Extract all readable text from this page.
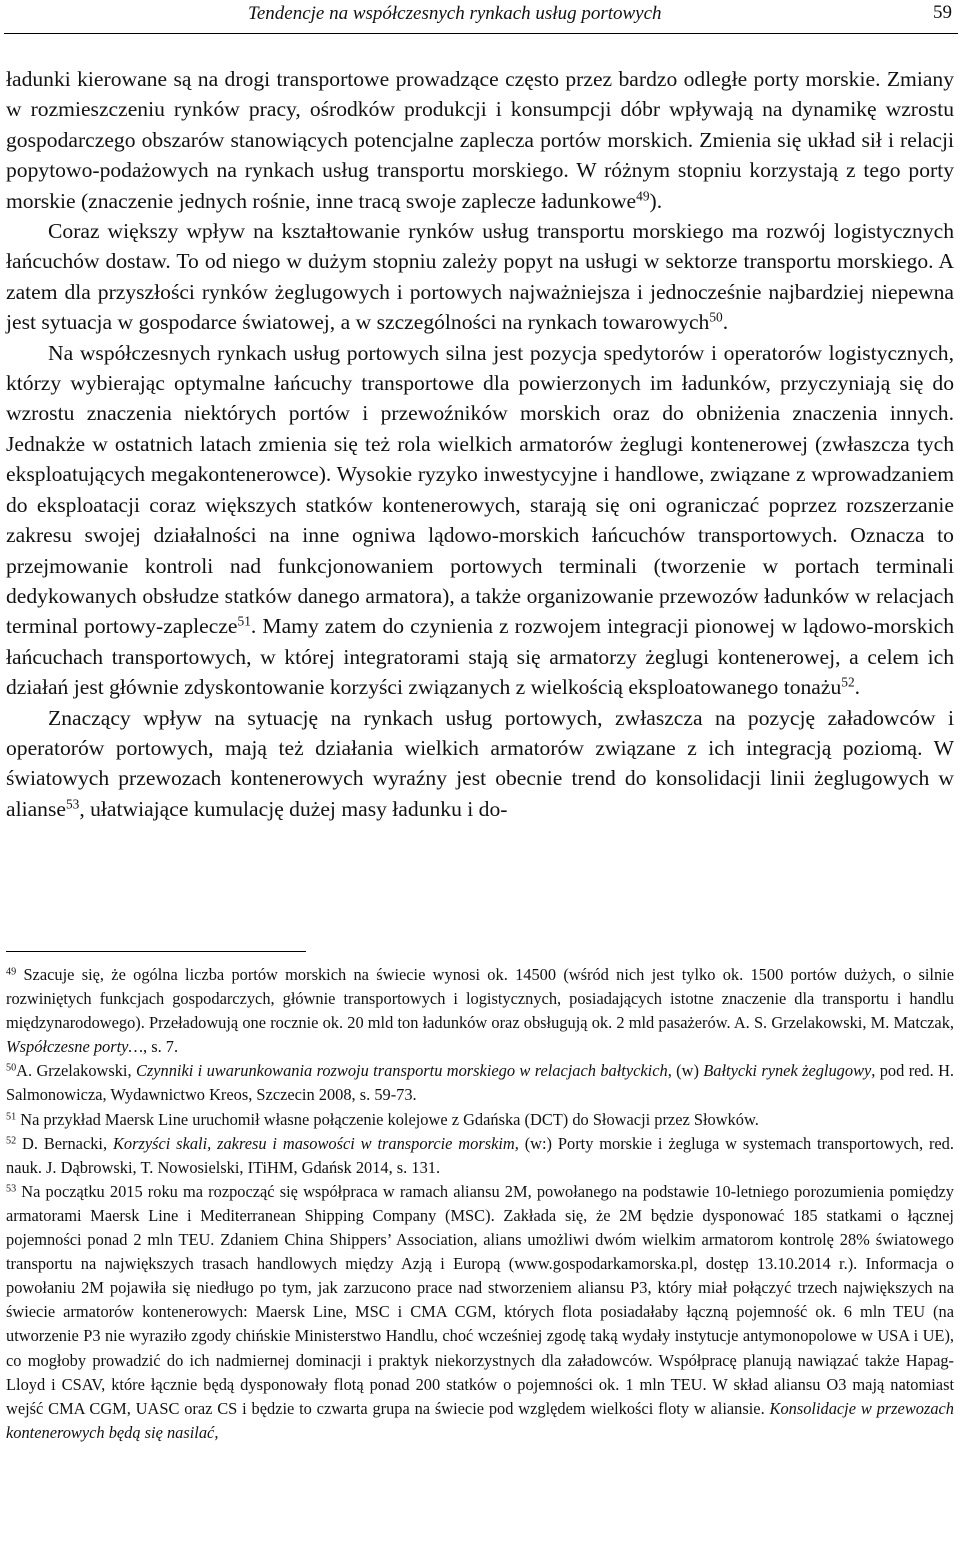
Tendencje na współczesnych rynkach usług portowych	59

ładunki kierowane są na drogi transportowe prowadzące często przez bardzo odległe porty morskie. Zmiany w rozmieszczeniu rynków pracy, ośrodków produkcji i konsumpcji dóbr wpływają na dynamikę wzrostu gospodarczego obszarów stanowiących potencjalne zaplecza portów morskich. Zmienia się układ sił i relacji popytowo-podażowych na rynkach usług transportu morskiego. W różnym stopniu korzystają z tego porty morskie (znaczenie jednych rośnie, inne tracą swoje zaplecze ładunkowe$^{49}$).

Coraz większy wpływ na kształtowanie rynków usług transportu morskiego ma rozwój logistycznych łańcuchów dostaw. To od niego w dużym stopniu zależy popyt na usługi w sektorze transportu morskiego. A zatem dla przyszłości rynków żeglugowych i portowych najważniejsza i jednocześnie najbardziej niepewna jest sytuacja w gospodarce światowej, a w szczególności na rynkach towarowych$^{50}$.

Na współczesnych rynkach usług portowych silna jest pozycja spedytorów i operatorów logistycznych, którzy wybierając optymalne łańcuchy transportowe dla powierzonych im ładunków, przyczyniają się do wzrostu znaczenia niektórych portów i przewoźników morskich oraz do obniżenia znaczenia innych. Jednakże w ostatnich latach zmienia się też rola wielkich armatorów żeglugi kontenerowej (zwłaszcza tych eksploatujących megakontenerowce). Wysokie ryzyko inwestycyjne i handlowe, związane z wprowadzaniem do eksploatacji coraz większych statków kontenerowych, starają się oni ograniczać poprzez rozszerzanie zakresu swojej działalności na inne ogniwa lądowo-morskich łańcuchów transportowych. Oznacza to przejmowanie kontroli nad funkcjonowaniem portowych terminali (tworzenie w portach terminali dedykowanych obsłudze statków danego armatora), a także organizowanie przewozów ładunków w relacjach terminal portowy-zaplecze$^{51}$. Mamy zatem do czynienia z rozwojem integracji pionowej w lądowo-morskich łańcuchach transportowych, w której integratorami stają się armatorzy żeglugi kontenerowej, a celem ich działań jest głównie zdyskontowanie korzyści związanych z wielkością eksploatowanego tonażu$^{52}$.

Znaczący wpływ na sytuację na rynkach usług portowych, zwłaszcza na pozycję załadowców i operatorów portowych, mają też działania wielkich armatorów związane z ich integracją poziomą. W światowych przewozach kontenerowych wyraźny jest obecnie trend do konsolidacji linii żeglugowych w alianse$^{53}$, ułatwiające kumulację dużej masy ładunku i do-

$^{49}$ Szacuje się, że ogólna liczba portów morskich na świecie wynosi ok. 14500 (wśród nich jest tylko ok. 1500 portów dużych, o silnie rozwiniętych funkcjach gospodarczych, głównie transportowych i logistycznych, posiadających istotne znaczenie dla transportu i handlu międzynarodowego). Przeładowują one rocznie ok. 20 mld ton ładunków oraz obsługują ok. 2 mld pasażerów. A. S. Grzelakowski, M. Matczak, Współczesne porty…, s. 7.

$^{50}$A. Grzelakowski, Czynniki i uwarunkowania rozwoju transportu morskiego w relacjach bałtyckich, (w) Bałtycki rynek żeglugowy, pod red. H. Salmonowicza, Wydawnictwo Kreos, Szczecin 2008, s. 59-73.

$^{51}$ Na przykład Maersk Line uruchomił własne połączenie kolejowe z Gdańska (DCT) do Słowacji przez Słowków.

$^{52}$ D. Bernacki, Korzyści skali, zakresu i masowości w transporcie morskim, (w:) Porty morskie i żegluga w systemach transportowych, red. nauk. J. Dąbrowski, T. Nowosielski, ITiHM, Gdańsk 2014, s. 131.

$^{53}$ Na początku 2015 roku ma rozpocząć się współpraca w ramach aliansu 2M, powołanego na podstawie 10-letniego porozumienia pomiędzy armatorami Maersk Line i Mediterranean Shipping Company (MSC). Zakłada się, że 2M będzie dysponować 185 statkami o łącznej pojemności ponad 2 mln TEU. Zdaniem China Shippers’ Association, alians umożliwi dwóm wielkim armatorom kontrolę 28% światowego transportu na największych trasach handlowych między Azją i Europą (www.gospodarkamorska.pl, dostęp 13.10.2014 r.). Informacja o powołaniu 2M pojawiła się niedługo po tym, jak zarzucono prace nad stworzeniem aliansu P3, który miał połączyć trzech największych na świecie armatorów kontenerowych: Maersk Line, MSC i CMA CGM, których flota posiadałaby łączną pojemność ok. 6 mln TEU (na utworzenie P3 nie wyraziło zgody chińskie Ministerstwo Handlu, choć wcześniej zgodę taką wydały instytucje antymonopolowe w USA i UE), co mogłoby prowadzić do ich nadmiernej dominacji i praktyk niekorzystnych dla załadowców. Współpracę planują nawiązać także Hapag-Lloyd i CSAV, które łącznie będą dysponowały flotą ponad 200 statków o pojemności ok. 1 mln TEU. W skład aliansu O3 mają natomiast wejść CMA CGM, UASC oraz CS i będzie to czwarta grupa na świecie pod względem wielkości floty w aliansie. Konsolidacje w przewozach kontenerowych będą się nasilać,
